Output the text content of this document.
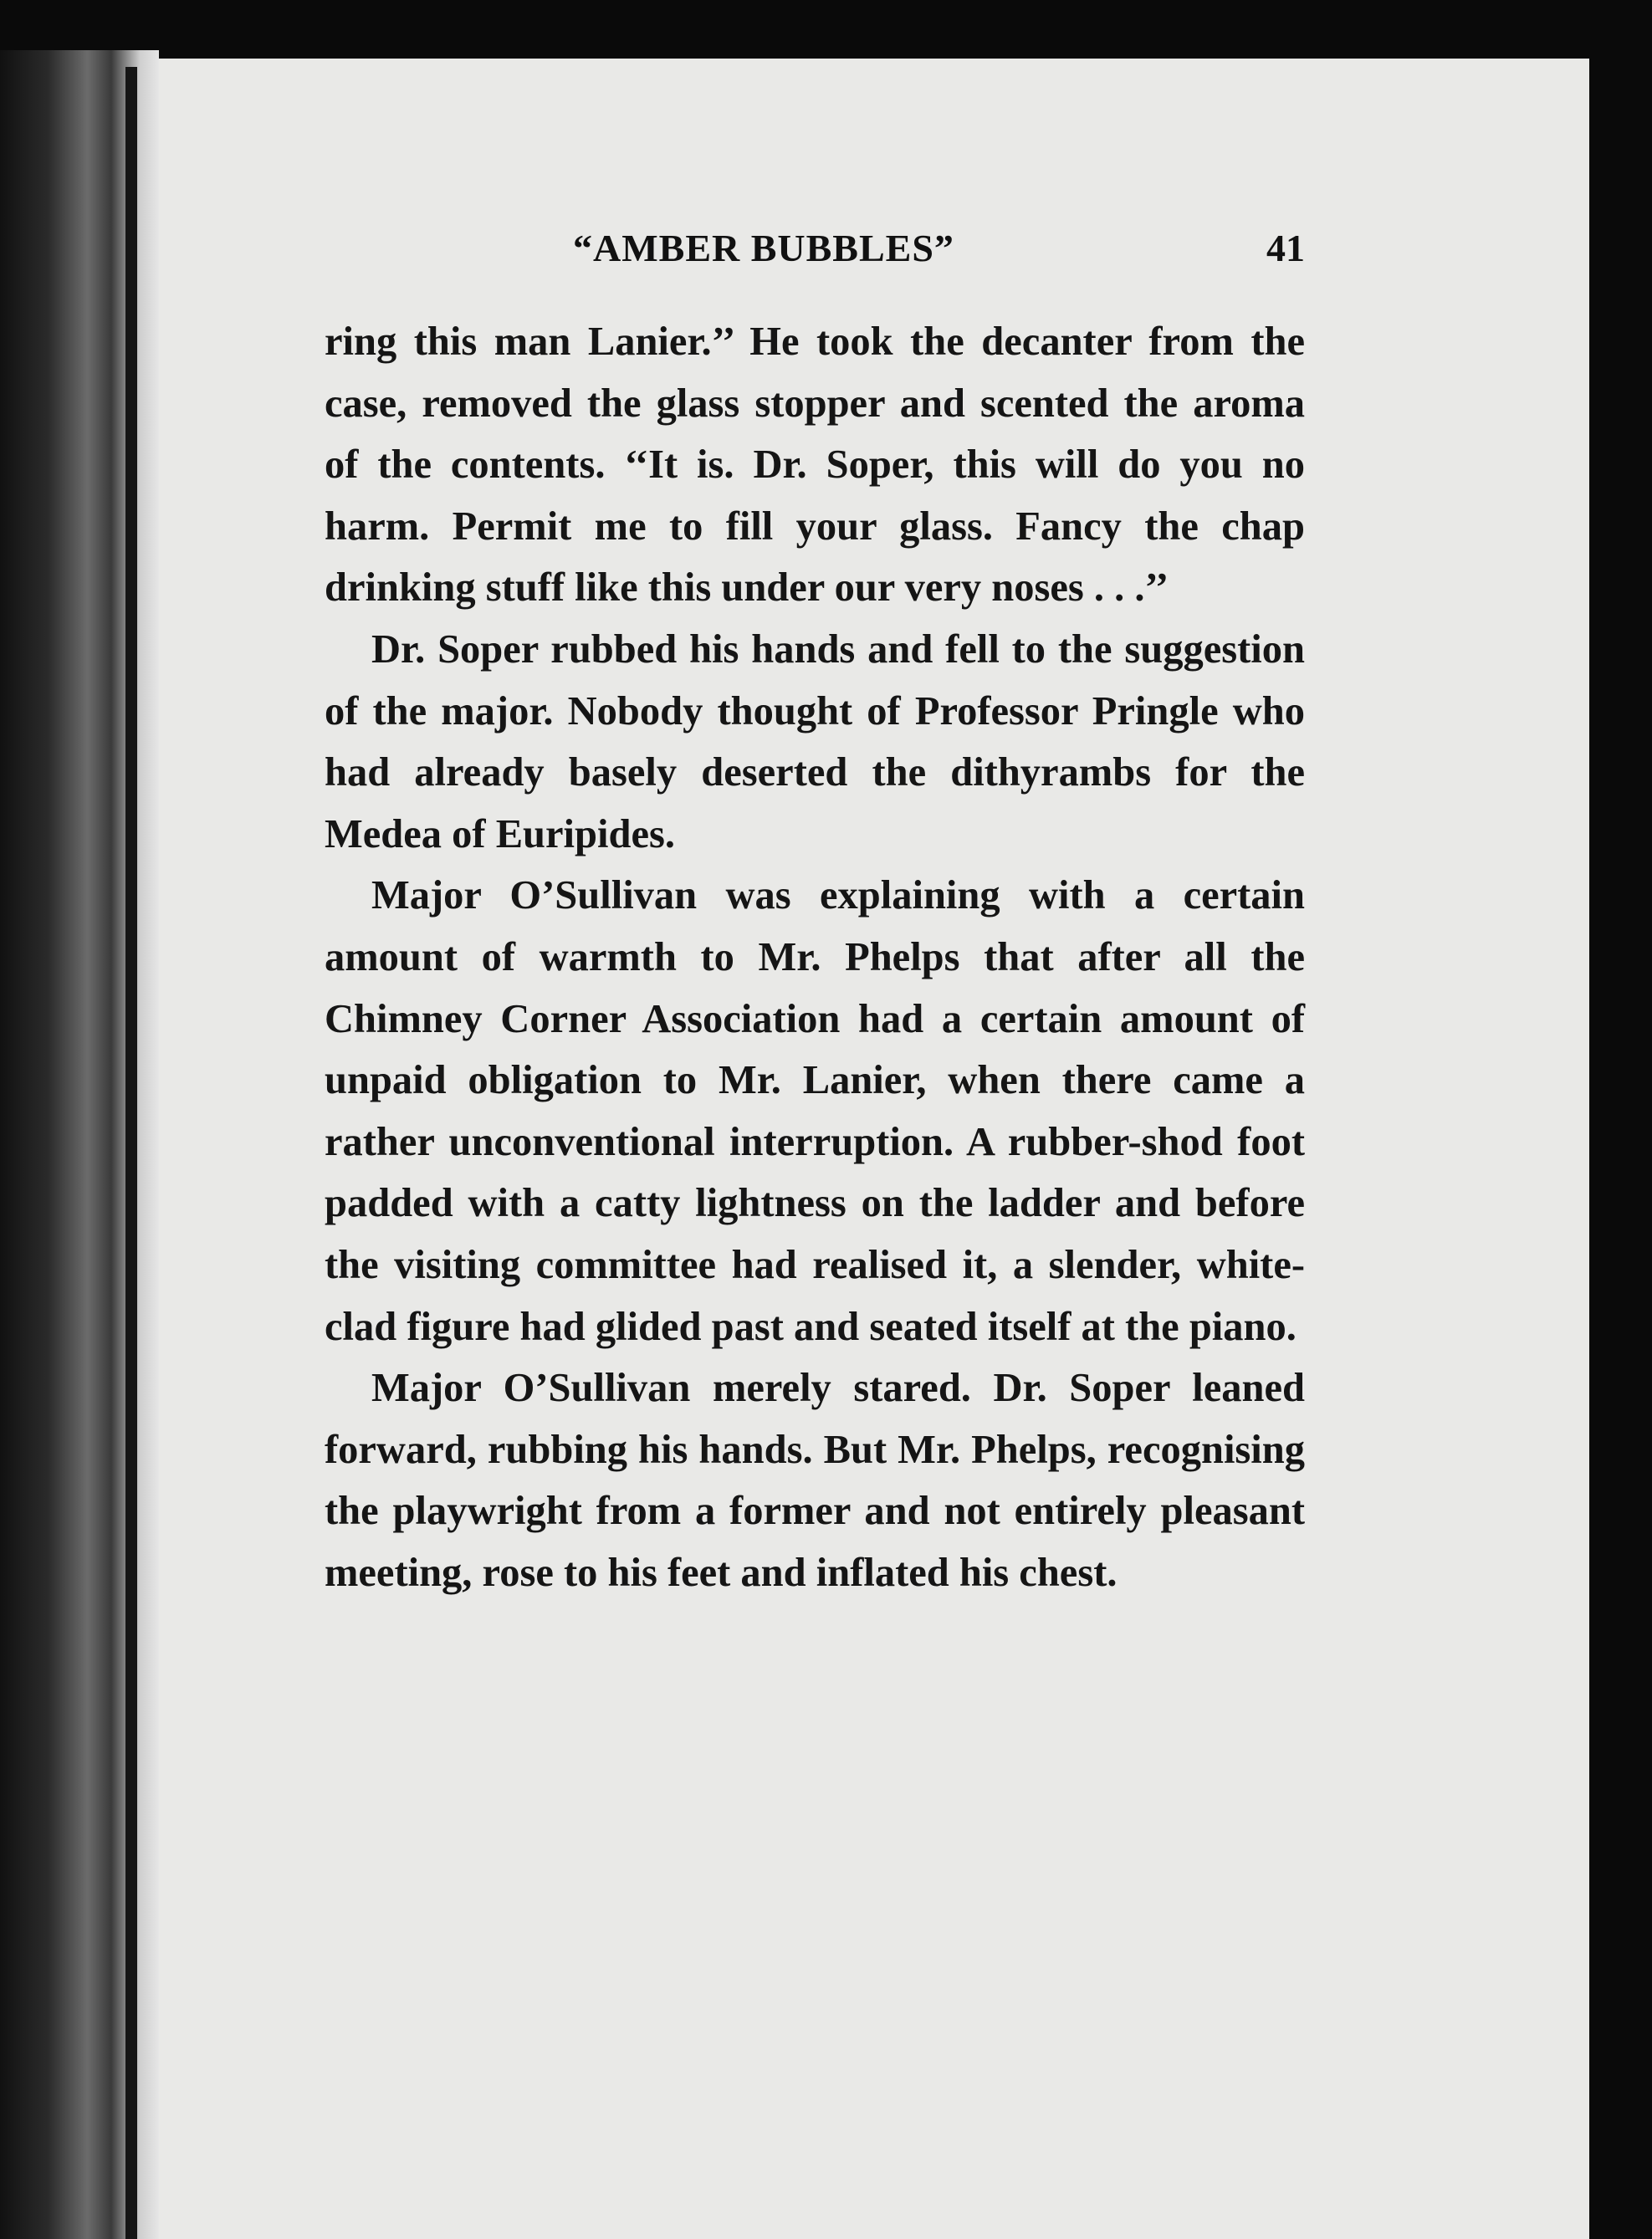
“AMBER BUBBLES”	41

ring this man Lanier.’’ He took the decanter from the case, removed the glass stopper and scented the aroma of the contents. ‘‘It is. Dr. Soper, this will do you no harm. Permit me to fill your glass. Fancy the chap drinking stuff like this under our very noses . . .’’

Dr. Soper rubbed his hands and fell to the suggestion of the major. Nobody thought of Professor Pringle who had already basely deserted the dithyrambs for the Medea of Euripides.

Major O’Sullivan was explaining with a certain amount of warmth to Mr. Phelps that after all the Chimney Corner Association had a certain amount of unpaid obligation to Mr. Lanier, when there came a rather unconventional interruption. A rubber-shod foot padded with a catty lightness on the ladder and before the visiting committee had realised it, a slender, white-clad figure had glided past and seated itself at the piano.

Major O’Sullivan merely stared. Dr. Soper leaned forward, rubbing his hands. But Mr. Phelps, recognising the playwright from a former and not entirely pleasant meeting, rose to his feet and inflated his chest.
